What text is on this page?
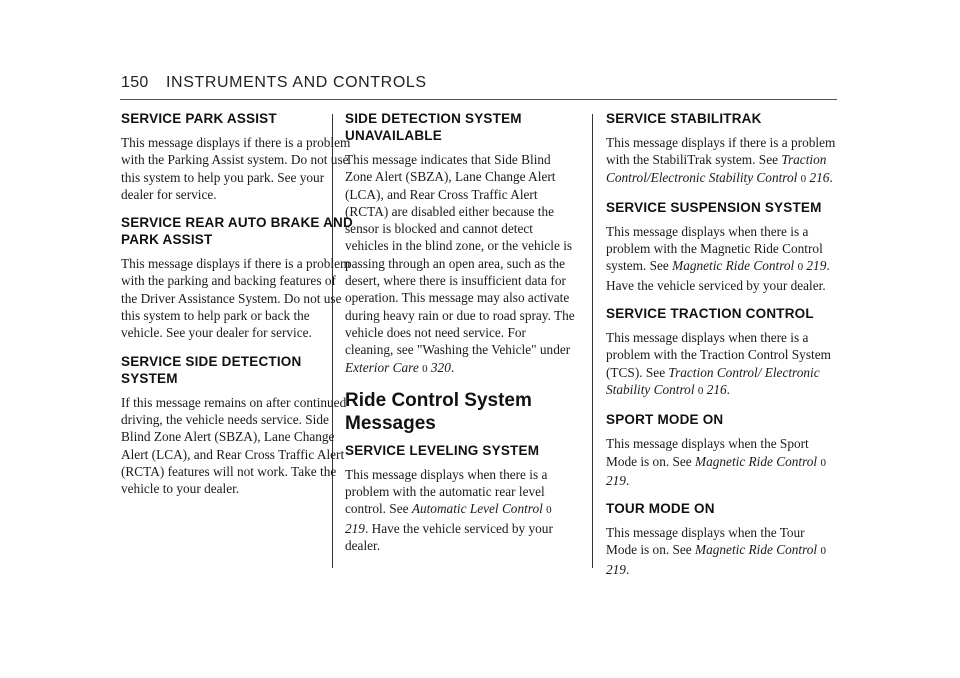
150 INSTRUMENTS AND CONTROLS
SERVICE PARK ASSIST

This message displays if there is a problem with the Parking Assist system. Do not use this system to help you park. See your dealer for service.

SERVICE REAR AUTO BRAKE AND PARK ASSIST

This message displays if there is a problem with the parking and backing features of the Driver Assistance System. Do not use this system to help park or back the vehicle. See your dealer for service.

SERVICE SIDE DETECTION SYSTEM

If this message remains on after continued driving, the vehicle needs service. Side Blind Zone Alert (SBZA), Lane Change Alert (LCA), and Rear Cross Traffic Alert (RCTA) features will not work. Take the vehicle to your dealer.

SIDE DETECTION SYSTEM UNAVAILABLE

This message indicates that Side Blind Zone Alert (SBZA), Lane Change Alert (LCA), and Rear Cross Traffic Alert (RCTA) are disabled either because the sensor is blocked and cannot detect vehicles in the blind zone, or the vehicle is passing through an open area, such as the desert, where there is insufficient data for operation. This message may also activate during heavy rain or due to road spray. The vehicle does not need service. For cleaning, see "Washing the Vehicle" under Exterior Care 0 320.

Ride Control System Messages
SERVICE LEVELING SYSTEM

This message displays when there is a problem with the automatic rear level control. See Automatic Level Control 0 219. Have the vehicle serviced by your dealer.

SERVICE STABILITRAK

This message displays if there is a problem with the StabiliTrak system. See Traction Control/Electronic Stability Control 0 216.

SERVICE SUSPENSION SYSTEM

This message displays when there is a problem with the Magnetic Ride Control system. See Magnetic Ride Control 0 219. Have the vehicle serviced by your dealer.

SERVICE TRACTION CONTROL

This message displays when there is a problem with the Traction Control System (TCS). See Traction Control/ Electronic Stability Control 0 216.

SPORT MODE ON

This message displays when the Sport Mode is on. See Magnetic Ride Control 0 219.

TOUR MODE ON

This message displays when the Tour Mode is on. See Magnetic Ride Control 0 219.
